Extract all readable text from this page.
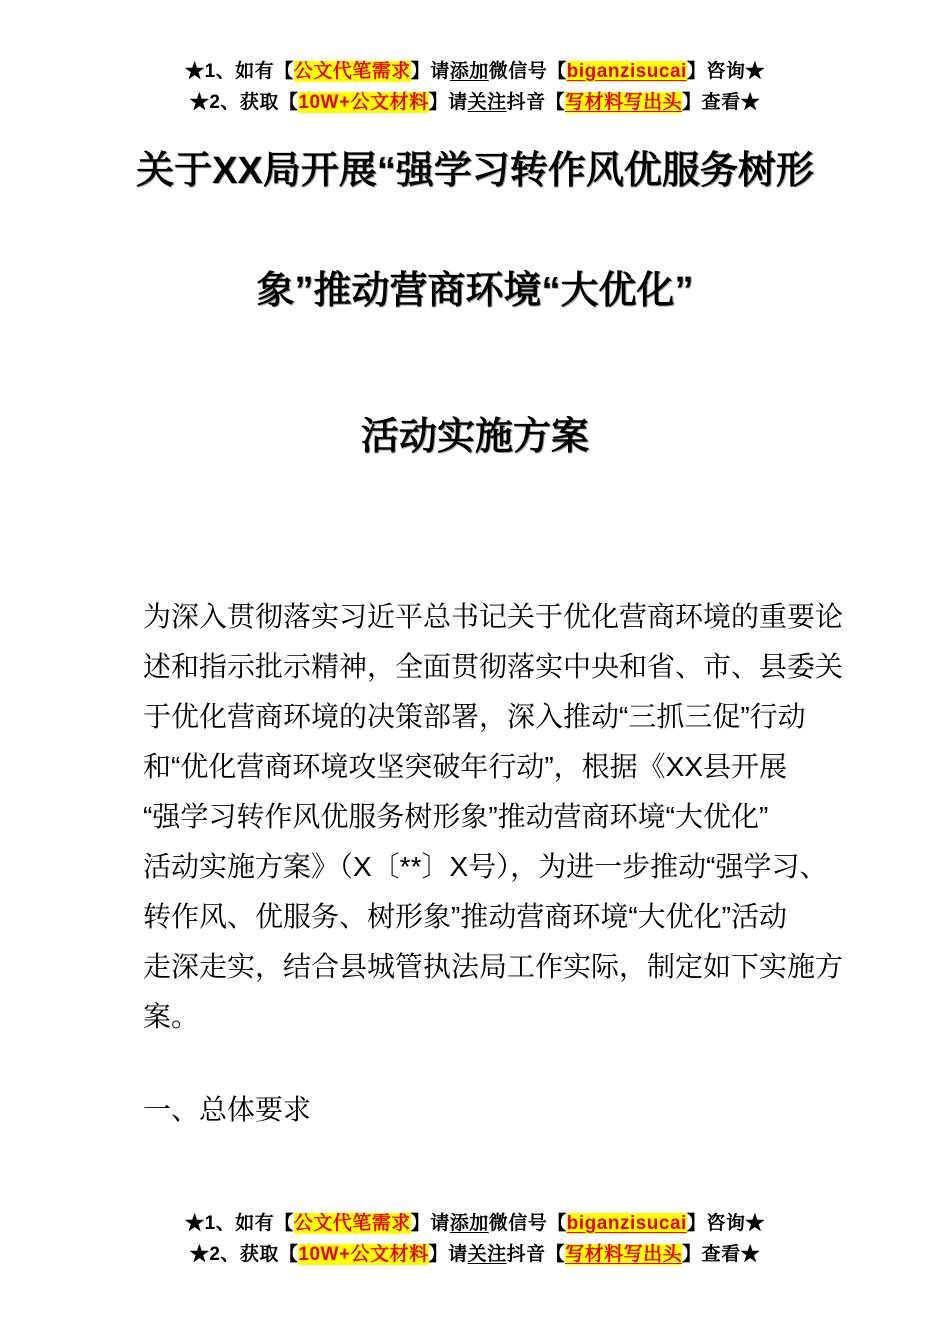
★1、如有【公文代笔需求】请添加微信号【biganzisucai】咨询★
★2、获取【10W+公文材料】请关注抖音【写材料写出头】查看★
关于XX局开展“强学习转作风优服务树形
象”推动营商环境“大优化”
活动实施方案
为深入贯彻落实习近平总书记关于优化营商环境的重要论
述和指示批示精神，全面贯彻落实中央和省、市、县委关
于优化营商环境的决策部署，深入推动“三抓三促”行动
和“优化营商环境攻坚突破年行动”，根据《XX县开展
“强学习转作风优服务树形象”推动营商环境“大优化”
活动实施方案》（X〔**〕X号），为进一步推动“强学习、
转作风、优服务、树形象”推动营商环境“大优化”活动
走深走实，结合县城管执法局工作实际，制定如下实施方
案。
一、总体要求
★1、如有【公文代笔需求】请添加微信号【biganzisucai】咨询★
★2、获取【10W+公文材料】请关注抖音【写材料写出头】查看★
